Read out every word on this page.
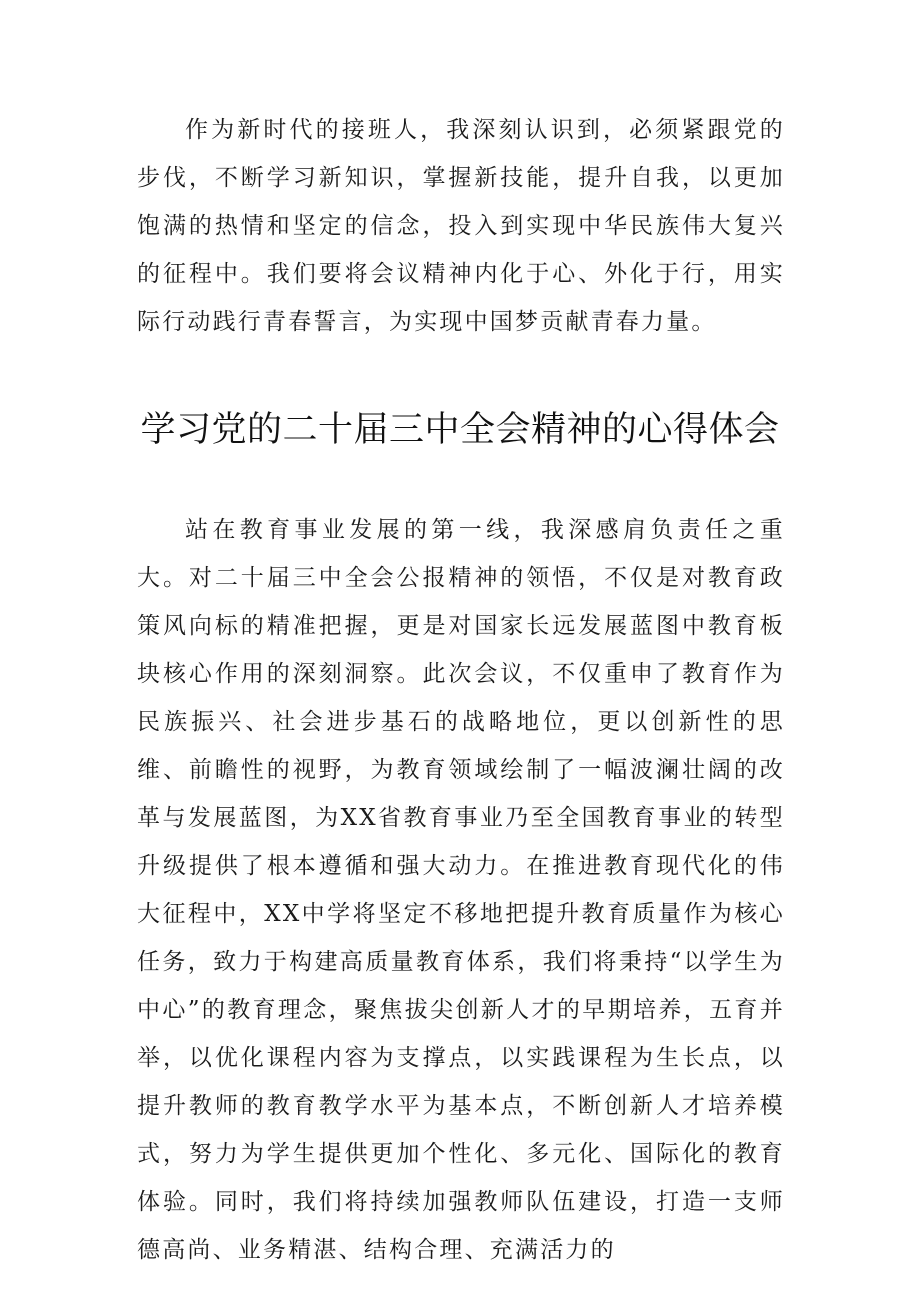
作为新时代的接班人，我深刻认识到，必须紧跟党的步伐，不断学习新知识，掌握新技能，提升自我，以更加饱满的热情和坚定的信念，投入到实现中华民族伟大复兴的征程中。我们要将会议精神内化于心、外化于行，用实际行动践行青春誓言，为实现中国梦贡献青春力量。

学习党的二十届三中全会精神的心得体会

站在教育事业发展的第一线，我深感肩负责任之重大。对二十届三中全会公报精神的领悟，不仅是对教育政策风向标的精准把握，更是对国家长远发展蓝图中教育板块核心作用的深刻洞察。此次会议，不仅重申了教育作为民族振兴、社会进步基石的战略地位，更以创新性的思维、前瞻性的视野，为教育领域绘制了一幅波澜壮阔的改革与发展蓝图，为XX省教育事业乃至全国教育事业的转型升级提供了根本遵循和强大动力。在推进教育现代化的伟大征程中，XX中学将坚定不移地把提升教育质量作为核心任务，致力于构建高质量教育体系，我们将秉持“以学生为中心”的教育理念，聚焦拔尖创新人才的早期培养，五育并举，以优化课程内容为支撑点，以实践课程为生长点，以提升教师的教育教学水平为基本点，不断创新人才培养模式，努力为学生提供更加个性化、多元化、国际化的教育体验。同时，我们将持续加强教师队伍建设，打造一支师德高尚、业务精湛、结构合理、充满活力的
